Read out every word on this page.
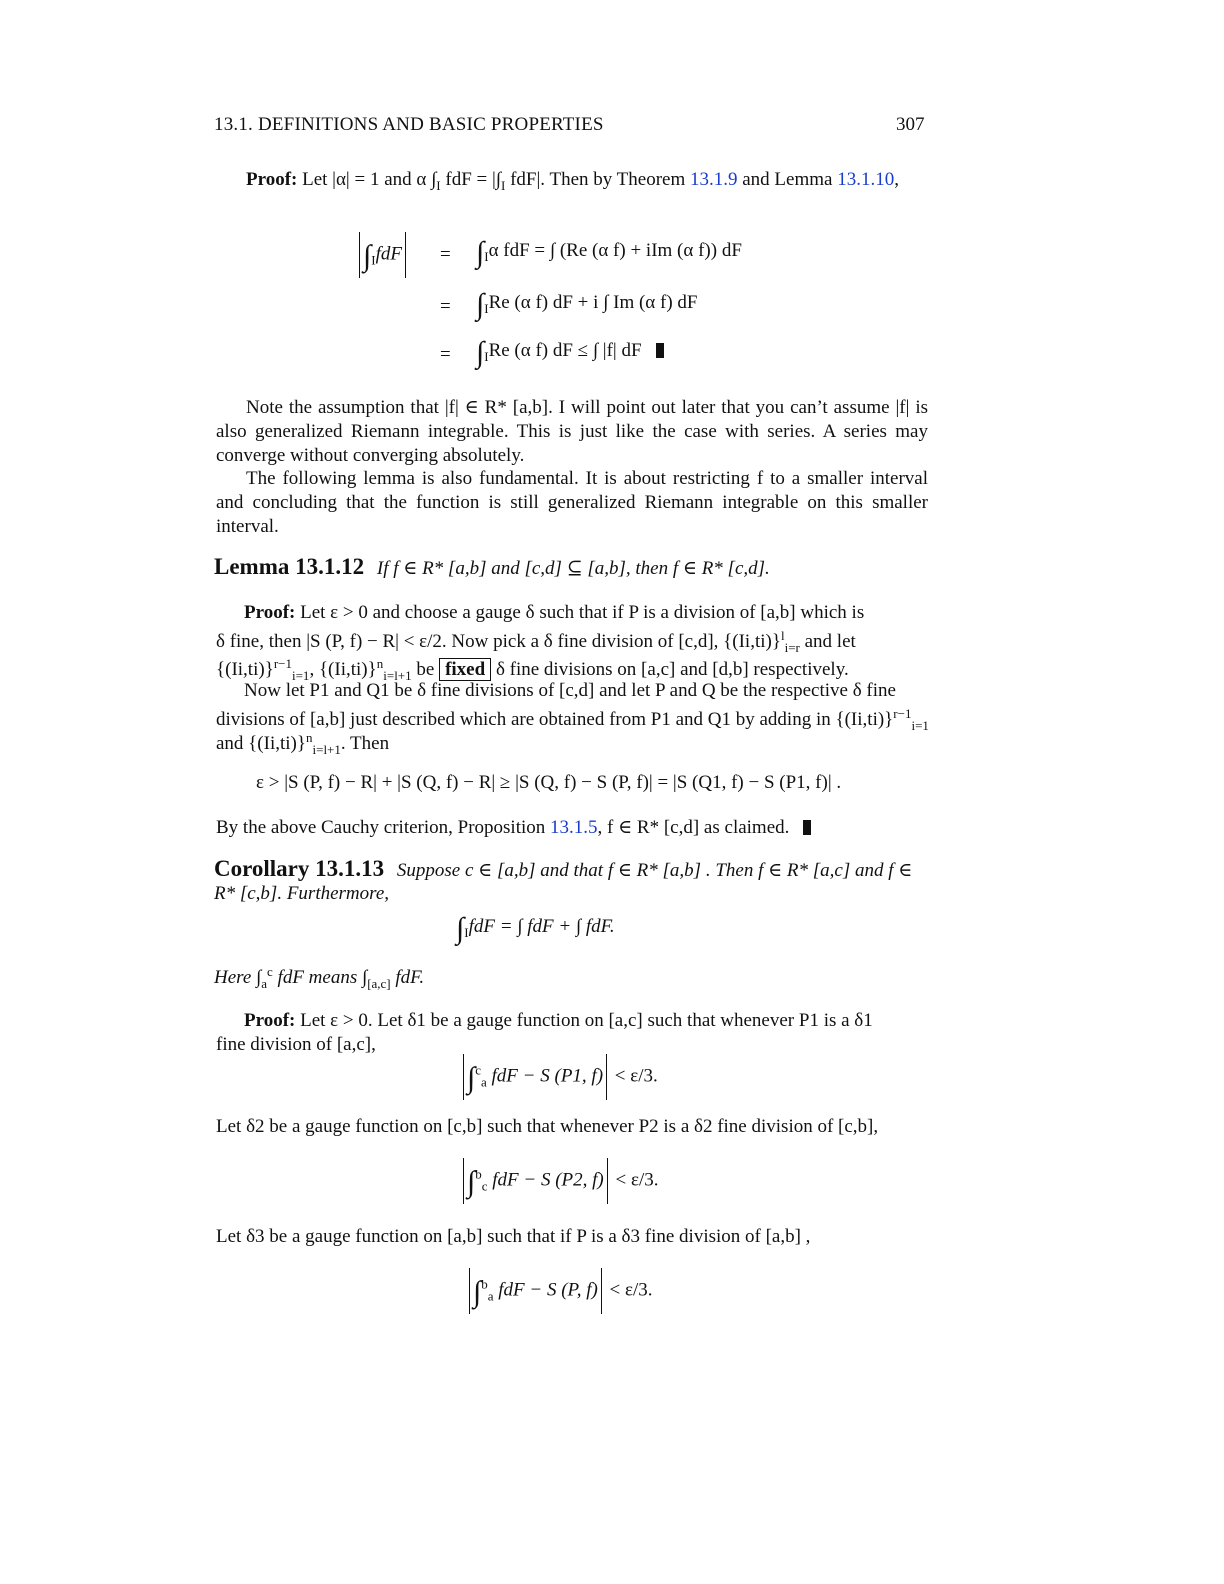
13.1. DEFINITIONS AND BASIC PROPERTIES	307
Proof: Let |α| = 1 and α $\int_I$ fdF = $|\int_I$ fdF|. Then by Theorem 13.1.9 and Lemma 13.1.10,
$\int_IfdF$	= $\int_I\alpha$ fdF = ∫ (Re (α f) + iIm (α f)) dF
= $\int_IRe$ (α f) dF + i ∫ Im (α f) dF
= $\int_IRe$ (α f) dF ≤ ∫ |f| dF
Note the assumption that |f| ∈ R* [a,b]. I will point out later that you can’t assume |f| is also generalized Riemann integrable. This is just like the case with series. A series may converge without converging absolutely.
The following lemma is also fundamental. It is about restricting f to a smaller interval and concluding that the function is still generalized Riemann integrable on this smaller interval.
Lemma 13.1.12 If f ∈ R* [a,b] and [c,d] ⊆ [a,b], then f ∈ R* [c,d].
Proof: Let ε > 0 and choose a gauge δ such that if P is a division of [a,b] which is
δ fine, then |S (P, f) − R| < ε/2. Now pick a δ fine division of [c,d], $\{(Ii,ti)\}^l_{i=r}$ and let
$\{(Ii,ti)\}^{r-1}_{i=1}$, $\{(Ii,ti)\}^n_{i=l+1}$ be fixed δ fine divisions on [a,c] and [d,b] respectively.
Now let P1 and Q1 be δ fine divisions of [c,d] and let P and Q be the respective δ fine
divisions of [a,b] just described which are obtained from P1 and Q1 by adding in $\{(Ii,ti)\}^{r-1}_{i=1}$
and $\{(Ii,ti)\}^n_{i=l+1}$. Then
ε > |S (P, f) − R| + |S (Q, f) − R| ≥ |S (Q, f) − S (P, f)| = |S (Q1, f) − S (P1, f)| .
By the above Cauchy criterion, Proposition 13.1.5, f ∈ R* [c,d] as claimed.
Corollary 13.1.13 Suppose c ∈ [a,b] and that f ∈ R* [a,b] . Then f ∈ R* [a,c] and f ∈
R* [c,b]. Furthermore,
$\int_IfdF$ = ∫ fdF + ∫ fdF.
Here $\int_a^c$ fdF means $\int_{[a,c]}$ fdF.
Proof: Let ε > 0. Let δ1 be a gauge function on [a,c] such that whenever P1 is a δ1
fine division of [a,c],
∫$^c_a$ fdF − S (P1, f) < ε/3.
Let δ2 be a gauge function on [c,b] such that whenever P2 is a δ2 fine division of [c,b],
∫$^b_c$ fdF − S (P2, f) < ε/3.
Let δ3 be a gauge function on [a,b] such that if P is a δ3 fine division of [a,b] ,
∫$^b_a$ fdF − S (P, f) < ε/3.
